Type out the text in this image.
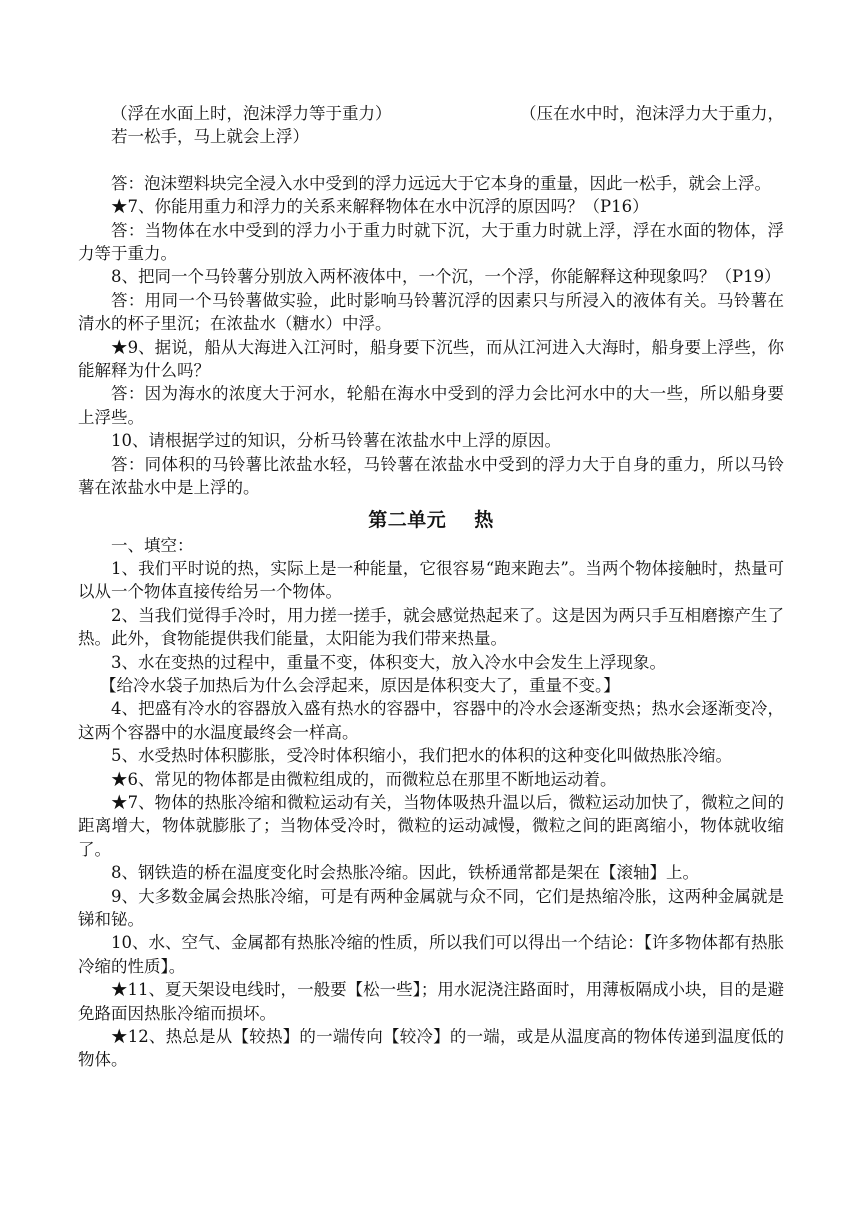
（浮在水面上时，泡沫浮力等于重力）	（压在水中时，泡沫浮力大于重力，

若一松手，马上就会上浮）

答：泡沫塑料块完全浸入水中受到的浮力远远大于它本身的重量，因此一松手，就会上浮。

★7、你能用重力和浮力的关系来解释物体在水中沉浮的原因吗？（P16）

答：当物体在水中受到的浮力小于重力时就下沉，大于重力时就上浮，浮在水面的物体，浮力等于重力。

8、把同一个马铃薯分别放入两杯液体中，一个沉，一个浮，你能解释这种现象吗？（P19）

答：用同一个马铃薯做实验，此时影响马铃薯沉浮的因素只与所浸入的液体有关。马铃薯在清水的杯子里沉；在浓盐水（糖水）中浮。

★9、据说，船从大海进入江河时，船身要下沉些，而从江河进入大海时，船身要上浮些，你能解释为什么吗？

答：因为海水的浓度大于河水，轮船在海水中受到的浮力会比河水中的大一些，所以船身要上浮些。

10、请根据学过的知识，分析马铃薯在浓盐水中上浮的原因。

答：同体积的马铃薯比浓盐水轻，马铃薯在浓盐水中受到的浮力大于自身的重力，所以马铃薯在浓盐水中是上浮的。

第二单元 热

一、填空：

1、我们平时说的热，实际上是一种能量，它很容易“跑来跑去”。当两个物体接触时，热量可以从一个物体直接传给另一个物体。

2、当我们觉得手冷时，用力搓一搓手，就会感觉热起来了。这是因为两只手互相磨擦产生了热。此外，食物能提供我们能量，太阳能为我们带来热量。

3、水在变热的过程中，重量不变，体积变大，放入冷水中会发生上浮现象。

【给冷水袋子加热后为什么会浮起来，原因是体积变大了，重量不变。】

4、把盛有冷水的容器放入盛有热水的容器中，容器中的冷水会逐渐变热；热水会逐渐变冷，这两个容器中的水温度最终会一样高。

5、水受热时体积膨胀，受冷时体积缩小，我们把水的体积的这种变化叫做热胀冷缩。

★6、常见的物体都是由微粒组成的，而微粒总在那里不断地运动着。

★7、物体的热胀冷缩和微粒运动有关，当物体吸热升温以后，微粒运动加快了，微粒之间的距离增大，物体就膨胀了；当物体受冷时，微粒的运动减慢，微粒之间的距离缩小，物体就收缩了。

8、钢铁造的桥在温度变化时会热胀冷缩。因此，铁桥通常都是架在【滚轴】上。

9、大多数金属会热胀冷缩，可是有两种金属就与众不同，它们是热缩冷胀，这两种金属就是锑和铋。

10、水、空气、金属都有热胀冷缩的性质，所以我们可以得出一个结论：【许多物体都有热胀冷缩的性质】。

★11、夏天架设电线时，一般要【松一些】；用水泥浇注路面时，用薄板隔成小块，目的是避免路面因热胀冷缩而损坏。

★12、热总是从【较热】的一端传向【较冷】的一端，或是从温度高的物体传递到温度低的物体。
